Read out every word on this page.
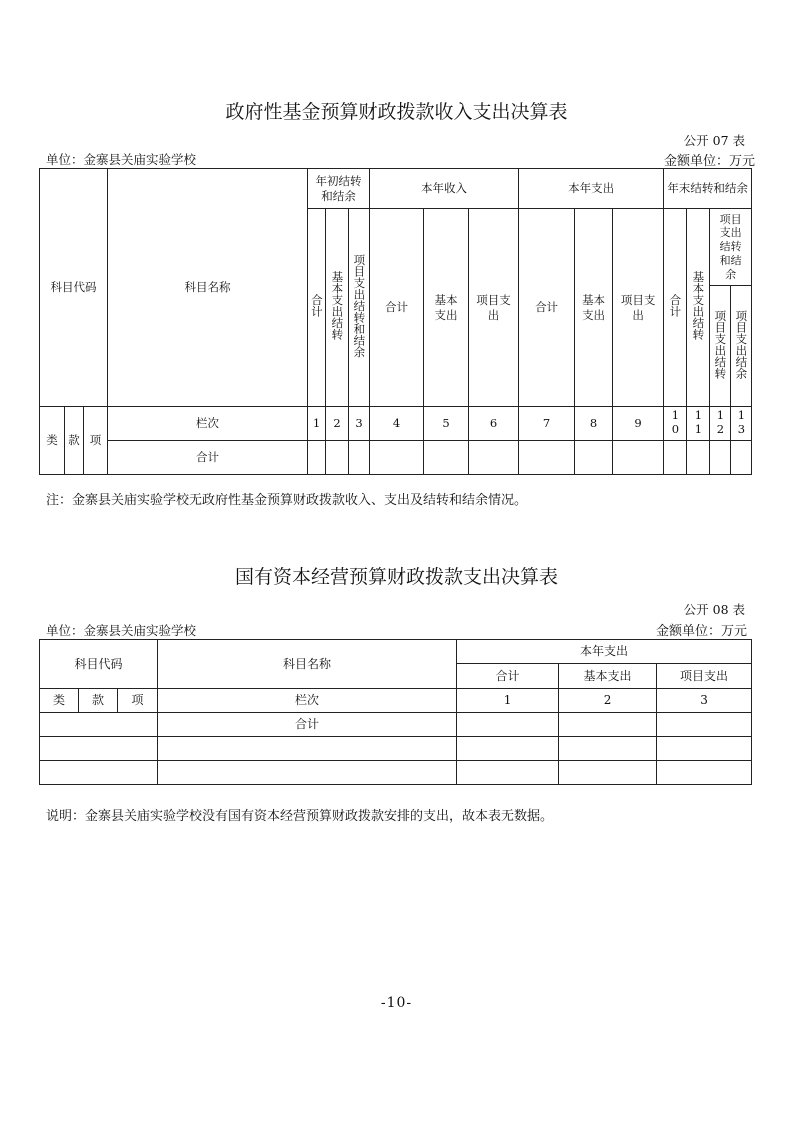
政府性基金预算财政拨款收入支出决算表
公开 07 表
单位：金寨县关庙实验学校	金额单位：万元
科目代码			科目名称	年初结转和结余			本年收入			本年支出			年末结转和结余			
				合计	基本支出结转	项目支出结转和结余	合计	基本支出	项目支出	合计	基本支出	项目支出	合计	基本支出结转	项目支出结转和结余	
															项目支出结转	项目支出结余
类	款	项	栏次	1	2	3	4	5	6	7	8	9	10	11	12	13
			合计													
注：金寨县关庙实验学校无政府性基金预算财政拨款收入、支出及结转和结余情况。
国有资本经营预算财政拨款支出决算表
公开 08 表
单位：金寨县关庙实验学校	金额单位：万元
科目代码			科目名称	本年支出		
				合计	基本支出	项目支出
类	款	项	栏次	1	2	3
			合计			

说明：金寨县关庙实验学校没有国有资本经营预算财政拨款安排的支出，故本表无数据。
-10-
